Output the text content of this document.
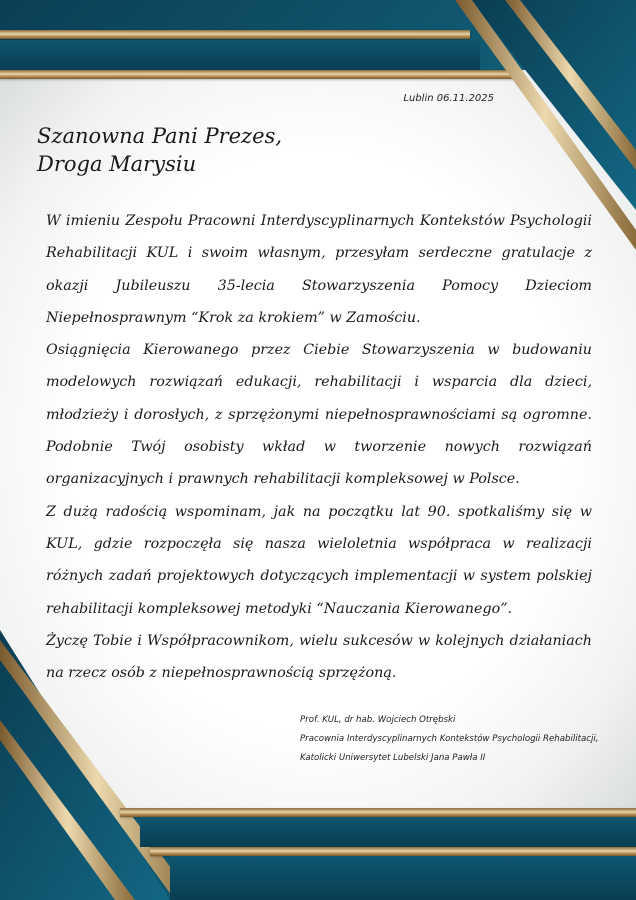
Lublin 06.11.2025
Szanowna Pani Prezes,
Droga Marysiu

W imieniu Zespołu Pracowni Interdyscyplinarnych Kontekstów Psychologii Rehabilitacji KUL i swoim własnym, przesyłam serdeczne gratulacje z okazji Jubileuszu 35-lecia Stowarzyszenia Pomocy Dzieciom Niepełnosprawnym “Krok za krokiem” w Zamościu.

Osiągnięcia Kierowanego przez Ciebie Stowarzyszenia w budowaniu modelowych rozwiązań edukacji, rehabilitacji i wsparcia dla dzieci, młodzieży i dorosłych, z sprzężonymi niepełnosprawnościami są ogromne. Podobnie Twój osobisty wkład w tworzenie nowych rozwiązań organizacyjnych i prawnych rehabilitacji kompleksowej w Polsce.

Z dużą radością wspominam, jak na początku lat 90. spotkaliśmy się w KUL, gdzie rozpoczęła się nasza wieloletnia współpraca w realizacji różnych zadań projektowych dotyczących implementacji w system polskiej rehabilitacji kompleksowej metodyki “Nauczania Kierowanego”.

Życzę Tobie i Współpracownikom, wielu sukcesów w kolejnych działaniach na rzecz osób z niepełnosprawnością sprzężoną.

Prof. KUL, dr hab. Wojciech Otrębski
Pracownia Interdyscyplinarnych Kontekstów Psychologii Rehabilitacji,
Katolicki Uniwersytet Lubelski Jana Pawła II
